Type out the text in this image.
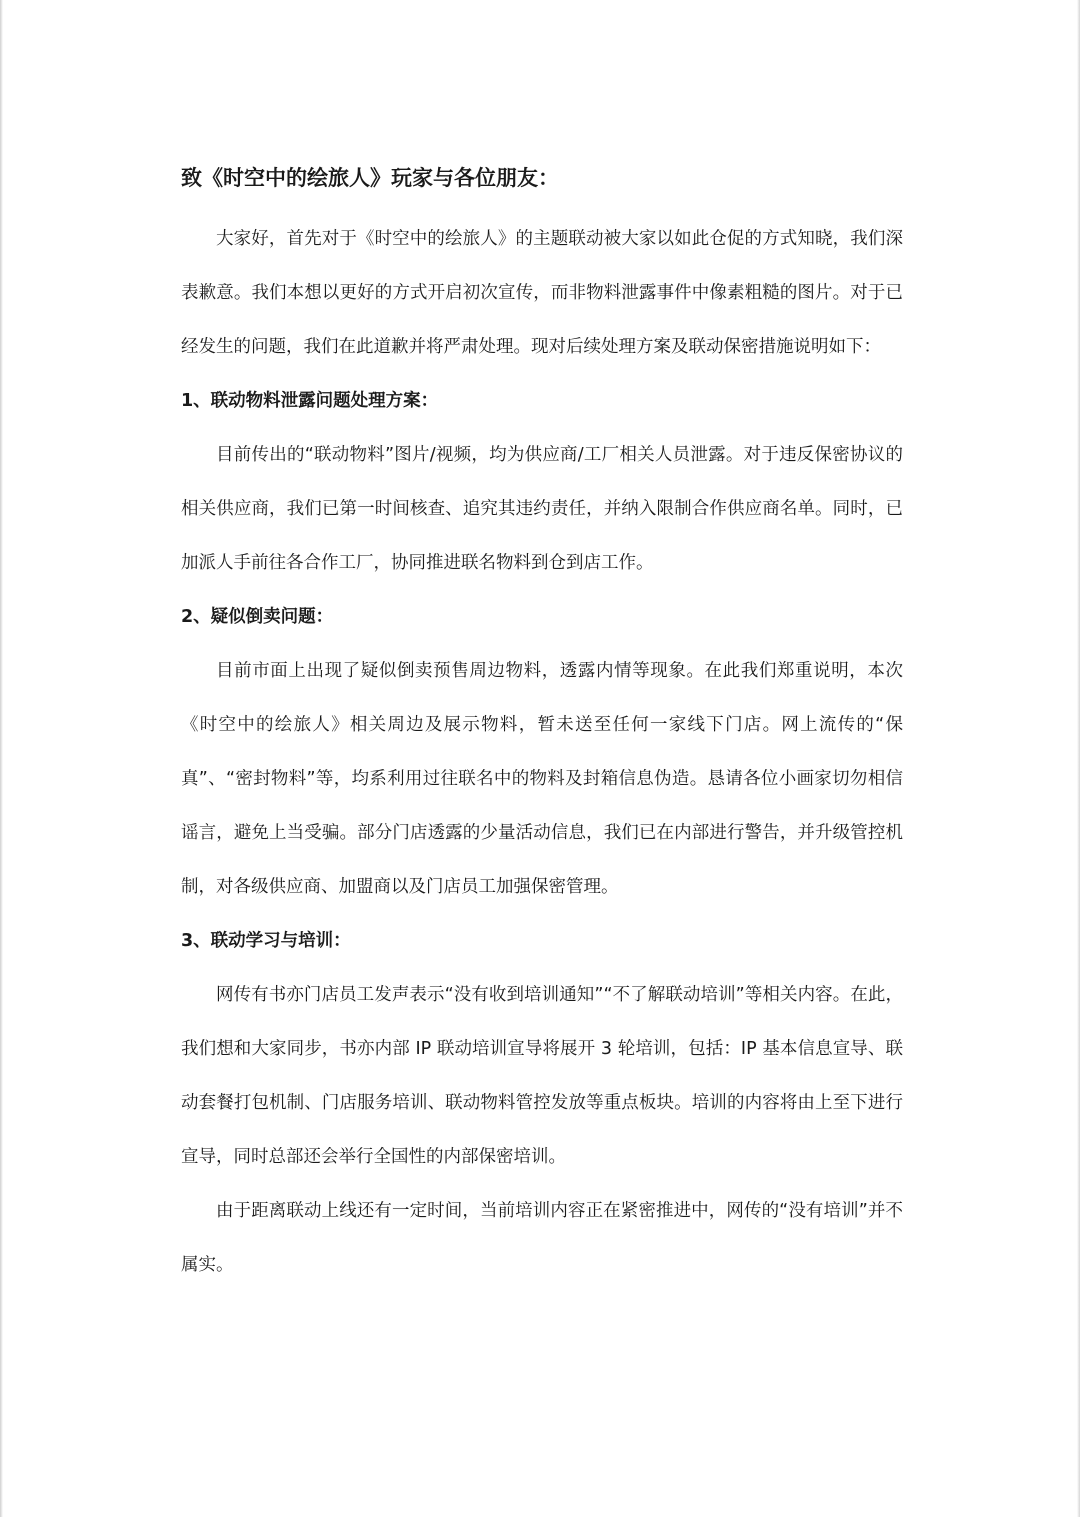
致《时空中的绘旅人》玩家与各位朋友：

大家好，首先对于《时空中的绘旅人》的主题联动被大家以如此仓促的方式知晓，我们深表歉意。我们本想以更好的方式开启初次宣传，而非物料泄露事件中像素粗糙的图片。对于已经发生的问题，我们在此道歉并将严肃处理。现对后续处理方案及联动保密措施说明如下：

1、联动物料泄露问题处理方案：

目前传出的“联动物料”图片/视频，均为供应商/工厂相关人员泄露。对于违反保密协议的相关供应商，我们已第一时间核查、追究其违约责任，并纳入限制合作供应商名单。同时，已加派人手前往各合作工厂，协同推进联名物料到仓到店工作。

2、疑似倒卖问题：

目前市面上出现了疑似倒卖预售周边物料，透露内情等现象。在此我们郑重说明，本次《时空中的绘旅人》相关周边及展示物料，暂未送至任何一家线下门店。网上流传的“保真”、“密封物料”等，均系利用过往联名中的物料及封箱信息伪造。恳请各位小画家切勿相信谣言，避免上当受骗。部分门店透露的少量活动信息，我们已在内部进行警告，并升级管控机制，对各级供应商、加盟商以及门店员工加强保密管理。

3、联动学习与培训：

网传有书亦门店员工发声表示“没有收到培训通知”“不了解联动培训”等相关内容。在此，我们想和大家同步，书亦内部 IP 联动培训宣导将展开 3 轮培训，包括：IP 基本信息宣导、联动套餐打包机制、门店服务培训、联动物料管控发放等重点板块。培训的内容将由上至下进行宣导，同时总部还会举行全国性的内部保密培训。

由于距离联动上线还有一定时间，当前培训内容正在紧密推进中，网传的“没有培训”并不属实。
